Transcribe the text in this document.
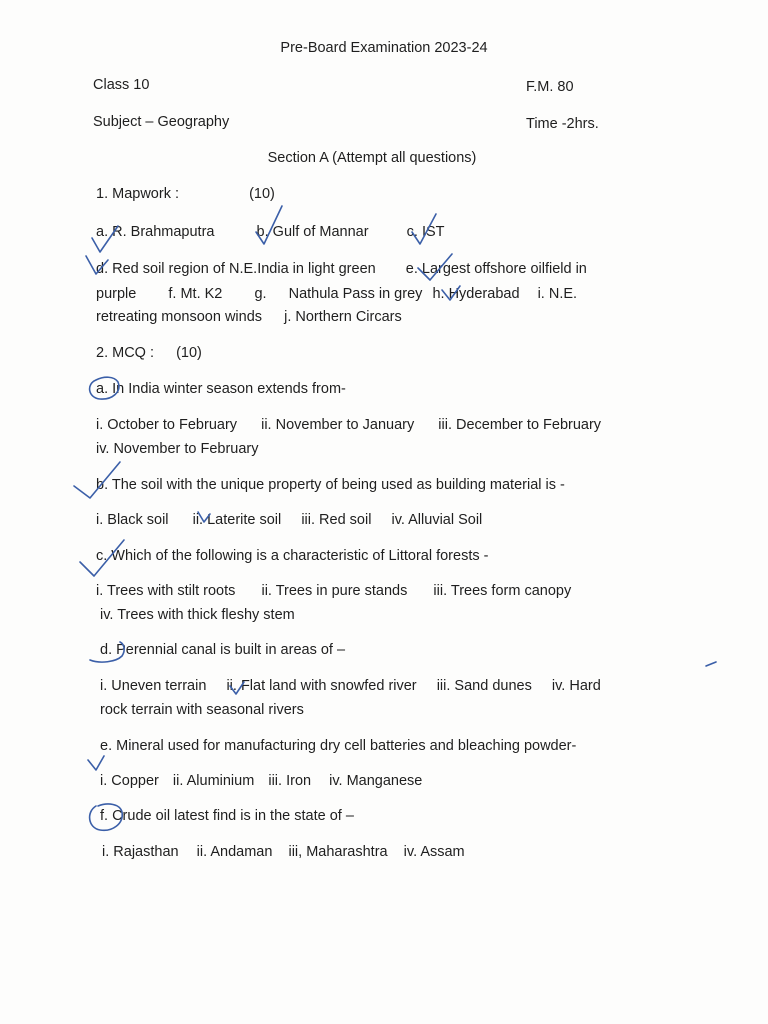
Pre-Board Examination 2023-24
Class 10	F.M. 80
Subject – Geography	Time -2hrs.
Section A (Attempt all questions)
1. Mapwork :	(10)
a. R. Brahmaputra	b. Gulf of Mannar	c. IST
d. Red soil region of N.E.India in light green e. Largest offshore oilfield in
purple f. Mt. K2 g. Nathula Pass in grey h. Hyderabad i. N.E.
retreating monsoon winds j. Northern Circars
2. MCQ : (10)
a. In India winter season extends from-
i. October to February ii. November to January iii. December to February
iv. November to February
b. The soil with the unique property of being used as building material is -
i. Black soil ii. Laterite soil iii. Red soil iv. Alluvial Soil
c. Which of the following is a characteristic of Littoral forests -
i. Trees with stilt roots ii. Trees in pure stands iii. Trees form canopy
iv. Trees with thick fleshy stem
d. Perennial canal is built in areas of –
i. Uneven terrain ii. Flat land with snowfed river iii. Sand dunes iv. Hard
rock terrain with seasonal rivers
e. Mineral used for manufacturing dry cell batteries and bleaching powder-
i. Copper ii. Aluminium iii. Iron iv. Manganese
f. Crude oil latest find is in the state of –
i. Rajasthan ii. Andaman iii, Maharashtra iv. Assam
